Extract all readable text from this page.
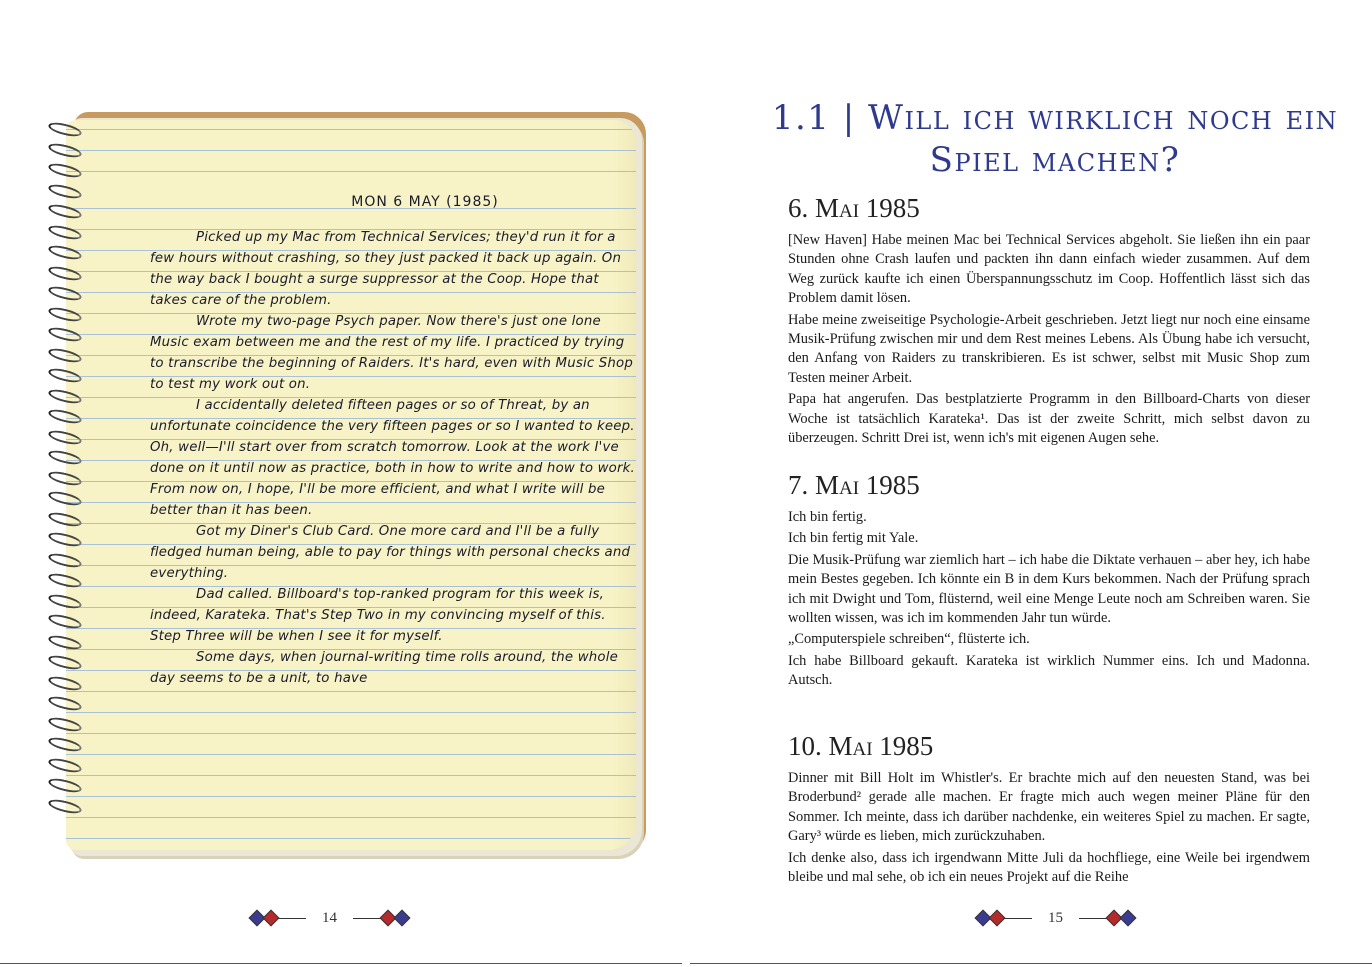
MON 6 MAY (1985)

Picked up my Mac from Technical Services; they'd run it for a few hours without crashing, so they just packed it back up again. On the way back I bought a surge suppressor at the Coop. Hope that takes care of the problem.

Wrote my two-page Psych paper. Now there's just one lone Music exam between me and the rest of my life. I practiced by trying to transcribe the beginning of Raiders. It's hard, even with Music Shop to test my work out on.

I accidentally deleted fifteen pages or so of Threat, by an unfortunate coincidence the very fifteen pages or so I wanted to keep. Oh, well—I'll start over from scratch tomorrow. Look at the work I've done on it until now as practice, both in how to write and how to work. From now on, I hope, I'll be more efficient, and what I write will be better than it has been.

Got my Diner's Club Card. One more card and I'll be a fully fledged human being, able to pay for things with personal checks and everything.

Dad called. Billboard's top-ranked program for this week is, indeed, Karateka. That's Step Two in my convincing myself of this. Step Three will be when I see it for myself.

Some days, when journal-writing time rolls around, the whole day seems to be a unit, to have

14
1.1 | Will ich wirklich noch ein Spiel machen?
6. Mai 1985

[New Haven] Habe meinen Mac bei Technical Services abgeholt. Sie ließen ihn ein paar Stunden ohne Crash laufen und packten ihn dann einfach wieder zusammen. Auf dem Weg zurück kaufte ich einen Überspannungsschutz im Coop. Hoffentlich lässt sich das Problem damit lösen.

Habe meine zweiseitige Psychologie-Arbeit geschrieben. Jetzt liegt nur noch eine einsame Musik-Prüfung zwischen mir und dem Rest meines Lebens. Als Übung habe ich versucht, den Anfang von Raiders zu transkribieren. Es ist schwer, selbst mit Music Shop zum Testen meiner Arbeit.

Papa hat angerufen. Das bestplatzierte Programm in den Billboard-Charts von dieser Woche ist tatsächlich Karateka¹. Das ist der zweite Schritt, mich selbst davon zu überzeugen. Schritt Drei ist, wenn ich's mit eigenen Augen sehe.

7. Mai 1985

Ich bin fertig.

Ich bin fertig mit Yale.

Die Musik-Prüfung war ziemlich hart – ich habe die Diktate verhauen – aber hey, ich habe mein Bestes gegeben. Ich könnte ein B in dem Kurs bekommen. Nach der Prüfung sprach ich mit Dwight und Tom, flüsternd, weil eine Menge Leute noch am Schreiben waren. Sie wollten wissen, was ich im kommenden Jahr tun würde.

„Computerspiele schreiben“, flüsterte ich.

Ich habe Billboard gekauft. Karateka ist wirklich Nummer eins. Ich und Madonna. Autsch.

10. Mai 1985

Dinner mit Bill Holt im Whistler's. Er brachte mich auf den neuesten Stand, was bei Broderbund² gerade alle machen. Er fragte mich auch wegen meiner Pläne für den Sommer. Ich meinte, dass ich darüber nachdenke, ein weiteres Spiel zu machen. Er sagte, Gary³ würde es lieben, mich zurückzuhaben.

Ich denke also, dass ich irgendwann Mitte Juli da hochfliege, eine Weile bei irgendwem bleibe und mal sehe, ob ich ein neues Projekt auf die Reihe

15
